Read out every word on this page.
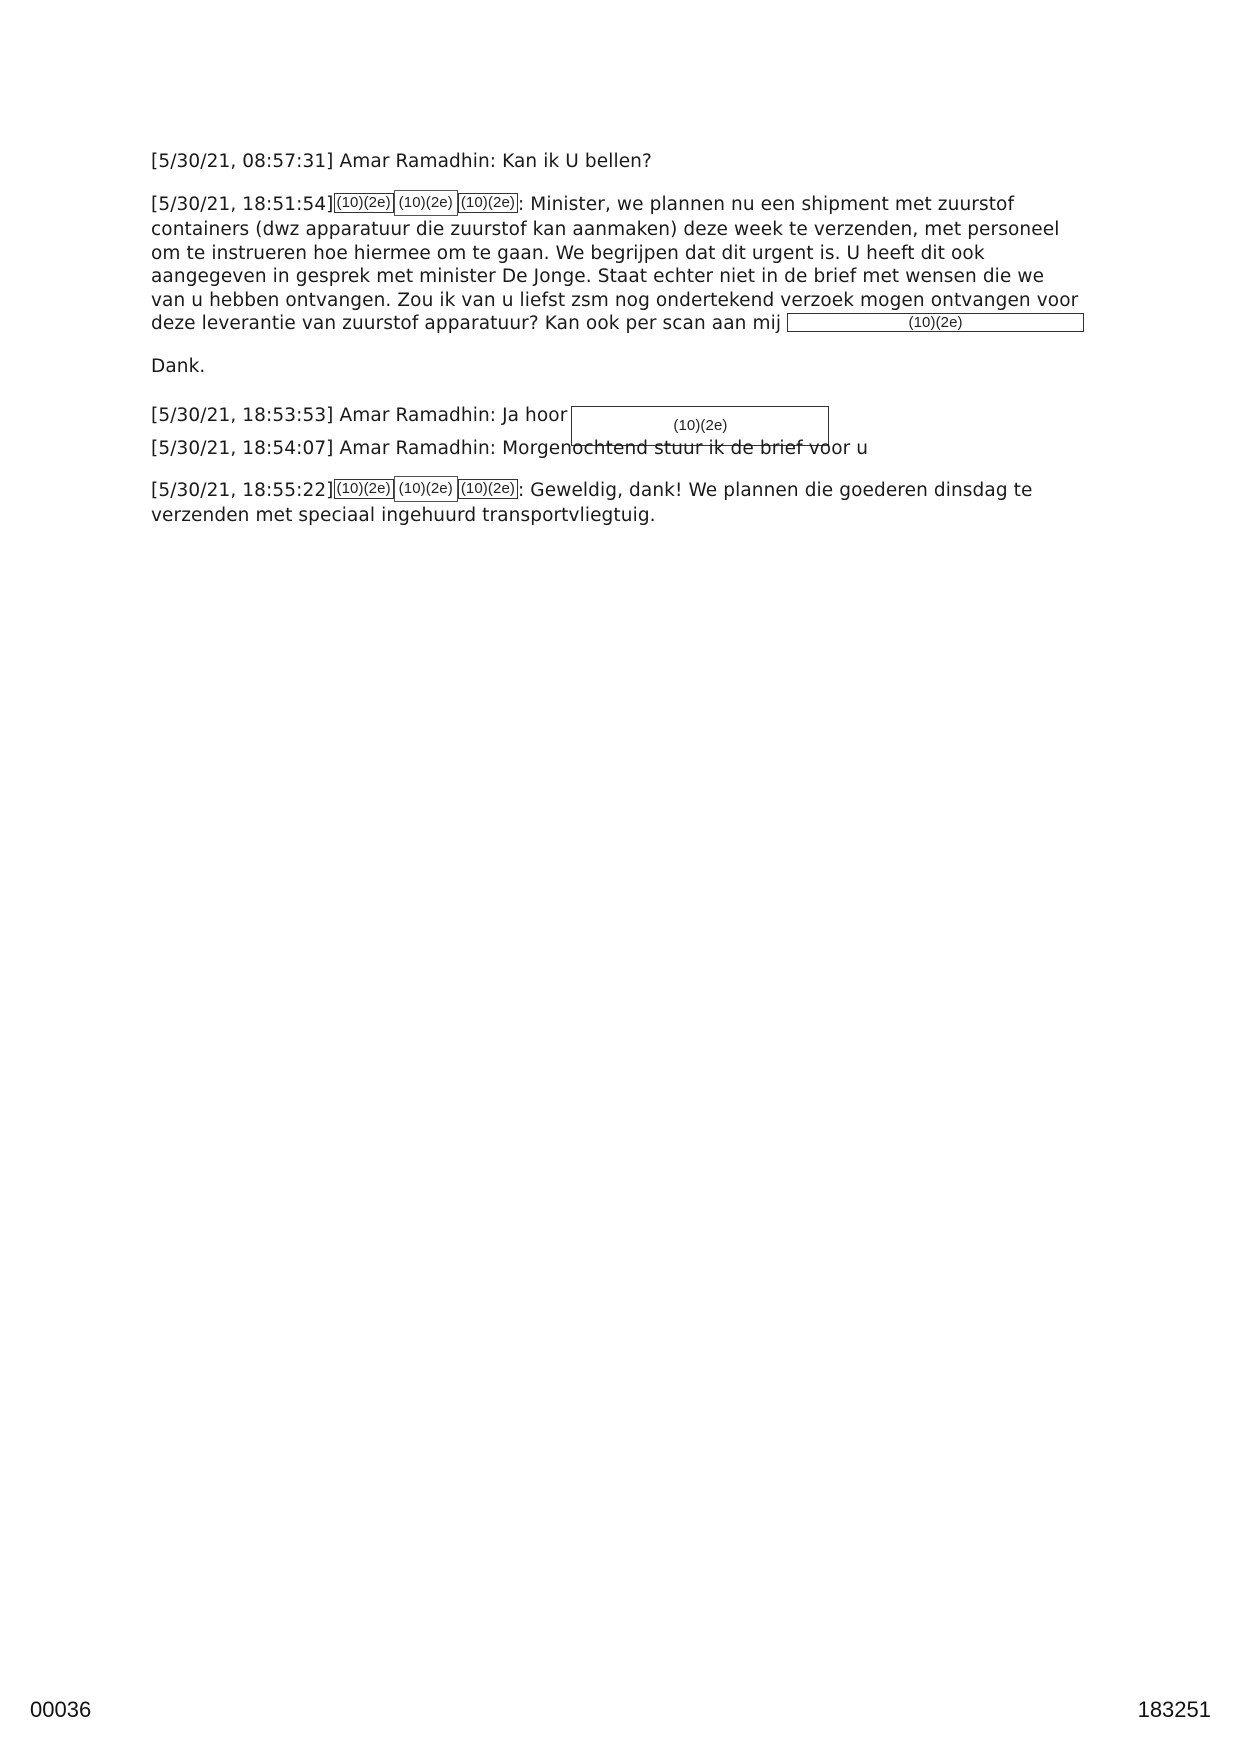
[5/30/21, 08:57:31] Amar Ramadhin: Kan ik U bellen?
[5/30/21, 18:51:54] (10)(2e) (10)(2e) (10)(2e) : Minister, we plannen nu een shipment met zuurstof
containers (dwz apparatuur die zuurstof kan aanmaken) deze week te verzenden, met personeel
om te instrueren hoe hiermee om te gaan. We begrijpen dat dit urgent is. U heeft dit ook
aangegeven in gesprek met minister De Jonge. Staat echter niet in de brief met wensen die we
van u hebben ontvangen. Zou ik van u liefst zsm nog ondertekend verzoek mogen ontvangen voor
deze leverantie van zuurstof apparatuur? Kan ook per scan aan mij	(10)(2e)
Dank.
[5/30/21, 18:53:53] Amar Ramadhin: Ja hoor	(10)(2e)
[5/30/21, 18:54:07] Amar Ramadhin: Morgenochtend stuur ik de brief voor u
[5/30/21, 18:55:22] (10)(2e) (10)(2e) (10)(2e) : Geweldig, dank! We plannen die goederen dinsdag te
verzenden met speciaal ingehuurd transportvliegtuig.
00036	183251
